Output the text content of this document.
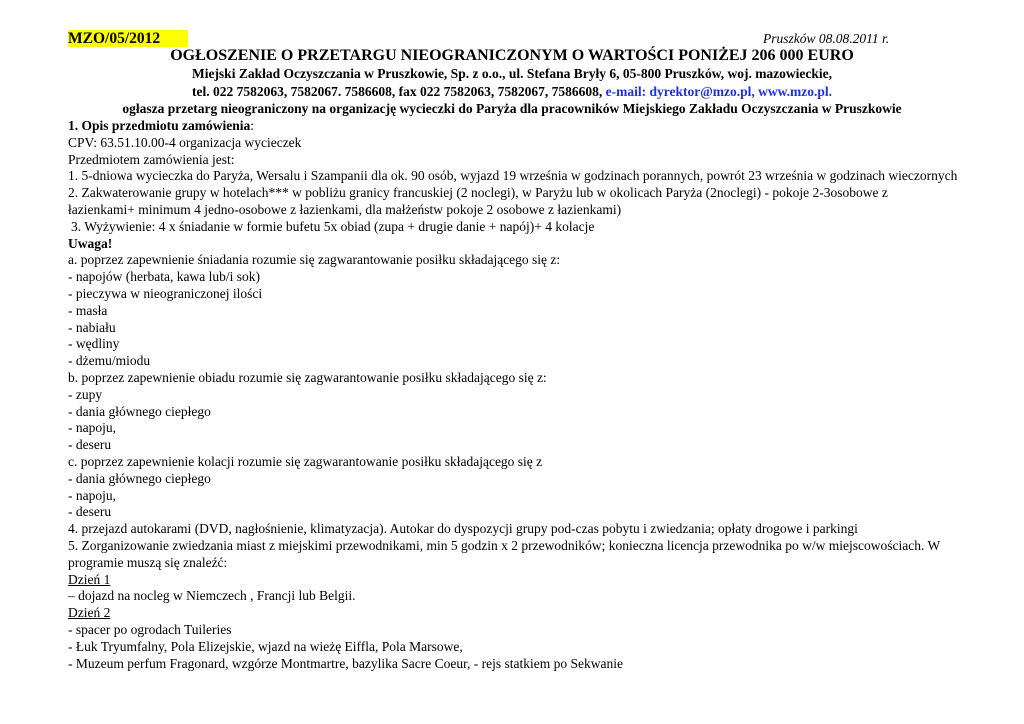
MZO/05/2012	Pruszków 08.08.2011 r.
OGŁOSZENIE O PRZETARGU NIEOGRANICZONYM O WARTOŚCI PONIŻEJ 206 000 EURO
Miejski Zakład Oczyszczania w Pruszkowie, Sp. z o.o., ul. Stefana Bryły 6, 05-800 Pruszków, woj. mazowieckie,
tel. 022 7582063, 7582067. 7586608, fax 022 7582063, 7582067, 7586608, e-mail: dyrektor@mzo.pl, www.mzo.pl.
ogłasza przetarg nieograniczony na organizację wycieczki do Paryża dla pracowników Miejskiego Zakładu Oczyszczania w Pruszkowie
1. Opis przedmiotu zamówienia:
CPV: 63.51.10.00-4 organizacja wycieczek
Przedmiotem zamówienia jest:
1. 5-dniowa wycieczka do Paryża, Wersalu i Szampanii dla ok. 90 osób, wyjazd 19 września w godzinach porannych, powrót 23 września w godzinach wieczornych
2. Zakwaterowanie grupy w hotelach*** w pobliżu granicy francuskiej (2 noclegi), w Paryżu lub w okolicach Paryża (2noclegi) - pokoje 2-3osobowe z łazienkami+ minimum 4 jedno-osobowe z łazienkami, dla małżeństw pokoje 2 osobowe z łazienkami)
3. Wyżywienie: 4 x śniadanie w formie bufetu 5x obiad (zupa + drugie danie + napój)+ 4 kolacje
Uwaga!
a. poprzez zapewnienie śniadania rozumie się zagwarantowanie posiłku składającego się z:
- napojów (herbata, kawa lub/i sok)
- pieczywa w nieograniczonej ilości
- masła
- nabiału
- wędliny
- dżemu/miodu
b. poprzez zapewnienie obiadu rozumie się zagwarantowanie posiłku składającego się z:
- zupy
- dania głównego ciepłego
- napoju,
- deseru
c. poprzez zapewnienie kolacji rozumie się zagwarantowanie posiłku składającego się z
- dania głównego ciepłego
- napoju,
- deseru
4. przejazd autokarami (DVD, nagłośnienie, klimatyzacja). Autokar do dyspozycji grupy pod-czas pobytu i zwiedzania; opłaty drogowe i parkingi
5. Zorganizowanie zwiedzania miast z miejskimi przewodnikami, min 5 godzin x 2 przewodników; konieczna licencja przewodnika po w/w miejscowościach. W programie muszą się znaleźć:
Dzień 1
– dojazd na nocleg w Niemczech , Francji lub Belgii.
Dzień 2
- spacer po ogrodach Tuileries
- Łuk Tryumfalny, Pola Elizejskie, wjazd na wieżę Eiffla, Pola Marsowe,
- Muzeum perfum Fragonard, wzgórze Montmartre, bazylika Sacre Coeur, - rejs statkiem po Sekwanie
